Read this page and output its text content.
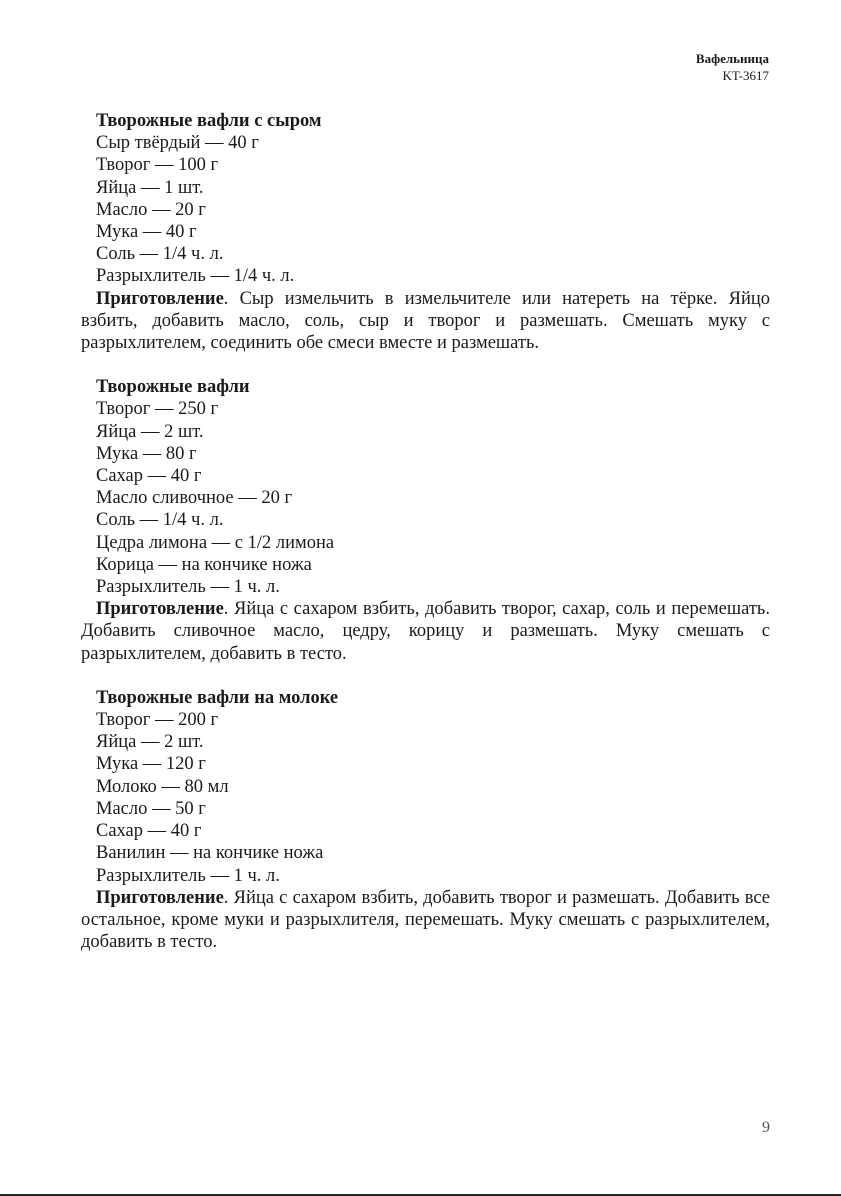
Вафельница
KT-3617
Творожные вафли с сыром
Сыр твёрдый — 40 г
Творог — 100 г
Яйца — 1 шт.
Масло — 20 г
Мука — 40 г
Соль — 1/4 ч. л.
Разрыхлитель — 1/4 ч. л.

Приготовление. Сыр измельчить в измельчителе или натереть на тёрке. Яйцо взбить, добавить масло, соль, сыр и творог и размешать. Смешать муку с разрыхлителем, соединить обе смеси вместе и размешать.

Творожные вафли
Творог — 250 г
Яйца — 2 шт.
Мука — 80 г
Сахар — 40 г
Масло сливочное — 20 г
Соль — 1/4 ч. л.
Цедра лимона — с 1/2 лимона
Корица — на кончике ножа
Разрыхлитель — 1 ч. л.

Приготовление. Яйца с сахаром взбить, добавить творог, сахар, соль и перемешать. Добавить сливочное масло, цедру, корицу и размешать. Муку смешать с разрыхлителем, добавить в тесто.

Творожные вафли на молоке
Творог — 200 г
Яйца — 2 шт.
Мука — 120 г
Молоко — 80 мл
Масло — 50 г
Сахар — 40 г
Ванилин — на кончике ножа
Разрыхлитель — 1 ч. л.

Приготовление. Яйца с сахаром взбить, добавить творог и размешать. Добавить все остальное, кроме муки и разрыхлителя, перемешать. Муку смешать с разрыхлителем, добавить в тесто.

9
